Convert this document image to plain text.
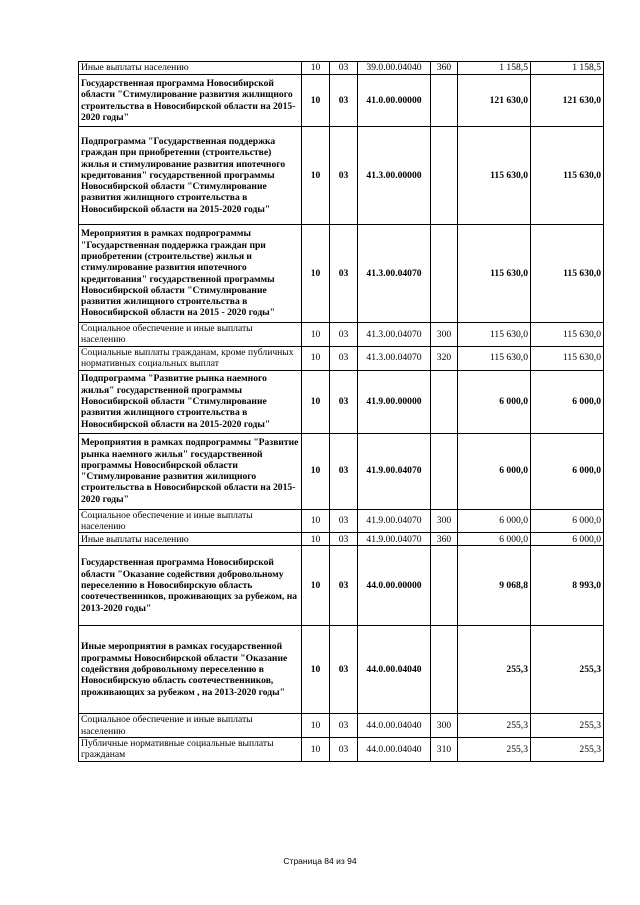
Иные выплаты населению	10	03	39.0.00.04040	360	1 158,5	1 158,5
Государственная программа Новосибирской области "Стимулирование развития жилищного строительства в Новосибирской области на 2015-2020 годы"	10	03	41.0.00.00000		121 630,0	121 630,0
Подпрограмма "Государственная поддержка граждан при приобретении (строительстве) жилья и стимулирование развития ипотечного кредитования" государственной программы Новосибирской области "Стимулирование развития жилищного строительства в Новосибирской области на 2015-2020 годы"	10	03	41.3.00.00000		115 630,0	115 630,0
Мероприятия в рамках подпрограммы "Государственная поддержка граждан при приобретении (строительстве) жилья и стимулирование развития ипотечного кредитования" государственной программы Новосибирской области "Стимулирование развития жилищного строительства в Новосибирской области на 2015 - 2020 годы"	10	03	41.3.00.04070		115 630,0	115 630,0
Социальное обеспечение и иные выплаты населению	10	03	41.3.00.04070	300	115 630,0	115 630,0
Социальные выплаты гражданам, кроме публичных нормативных социальных выплат	10	03	41.3.00.04070	320	115 630,0	115 630,0
Подпрограмма "Развитие рынка наемного жилья" государственной программы Новосибирской области "Стимулирование развития жилищного строительства в Новосибирской области на 2015-2020 годы"	10	03	41.9.00.00000		6 000,0	6 000,0
Мероприятия в рамках подпрограммы "Развитие рынка наемного жилья" государственной программы Новосибирской области "Стимулирование развития жилищного строительства в Новосибирской области на 2015-2020 годы"	10	03	41.9.00.04070		6 000,0	6 000,0
Социальное обеспечение и иные выплаты населению	10	03	41.9.00.04070	300	6 000,0	6 000,0
Иные выплаты населению	10	03	41.9.00.04070	360	6 000,0	6 000,0
Государственная программа Новосибирской области "Оказание содействия добровольному переселению в Новосибирскую область соотечественников, проживающих за рубежом, на 2013-2020 годы"	10	03	44.0.00.00000		9 068,8	8 993,0
Иные мероприятия в рамках государственной программы Новосибирской области "Оказание содействия добровольному переселению в Новосибирскую область соотечественников, проживающих за рубежом , на 2013-2020 годы"	10	03	44.0.00.04040		255,3	255,3
Социальное обеспечение и иные выплаты населению	10	03	44.0.00.04040	300	255,3	255,3
Публичные нормативные социальные выплаты гражданам	10	03	44.0.00.04040	310	255,3	255,3
Страница 84 из 94
